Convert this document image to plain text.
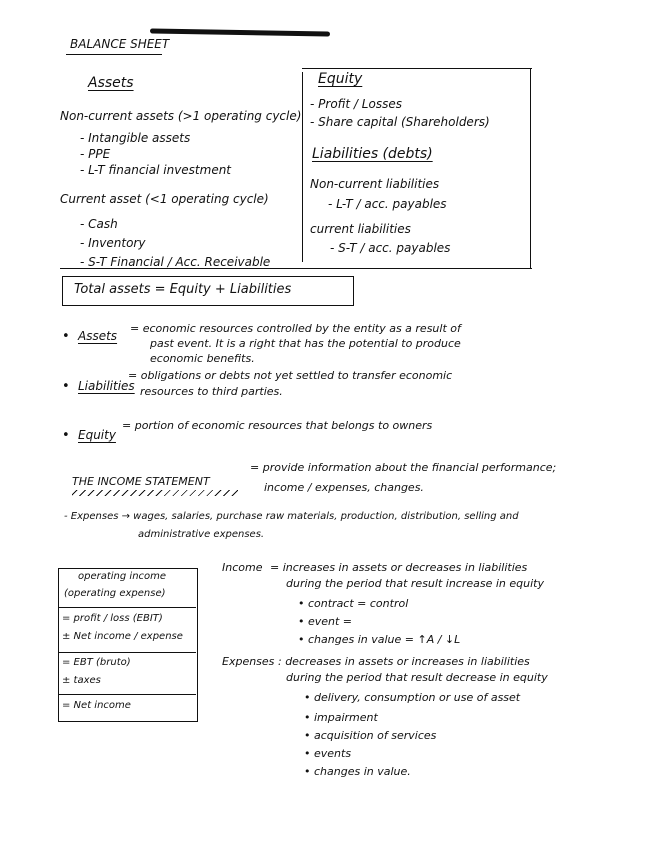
BALANCE SHEET
Assets
Non-current assets (>1 operating cycle)
- Intangible assets
- PPE
- L-T financial investment
Current asset (<1 operating cycle)
- Cash
- Inventory
- S-T Financial / Acc. Receivable
Equity
- Profit / Losses
- Share capital (Shareholders)
Liabilities (debts)
Non-current liabilities
- L-T / acc. payables
current liabilities
- S-T / acc. payables
Total assets = Equity + Liabilities
• Assets
= economic resources controlled by the entity as a result of
past event. It is a right that has the potential to produce
economic benefits.
• Liabilities
= obligations or debts not yet settled to transfer economic
resources to third parties.
• Equity
= portion of economic resources that belongs to owners
THE INCOME STATEMENT
= provide information about the financial performance;
income / expenses, changes.
- Expenses → wages, salaries, purchase raw materials, production, distribution, selling and
administrative expenses.
operating income
(operating expense)
= profit / loss (EBIT)
± Net income / expense
= EBT (bruto)
± taxes
= Net income
Income = increases in assets or decreases in liabilities
during the period that result increase in equity
• contract = control
• event =
• changes in value = ↑A / ↓L
Expenses : decreases in assets or increases in liabilities
during the period that result decrease in equity
• delivery, consumption or use of asset
• impairment
• acquisition of services
• events
• changes in value.
